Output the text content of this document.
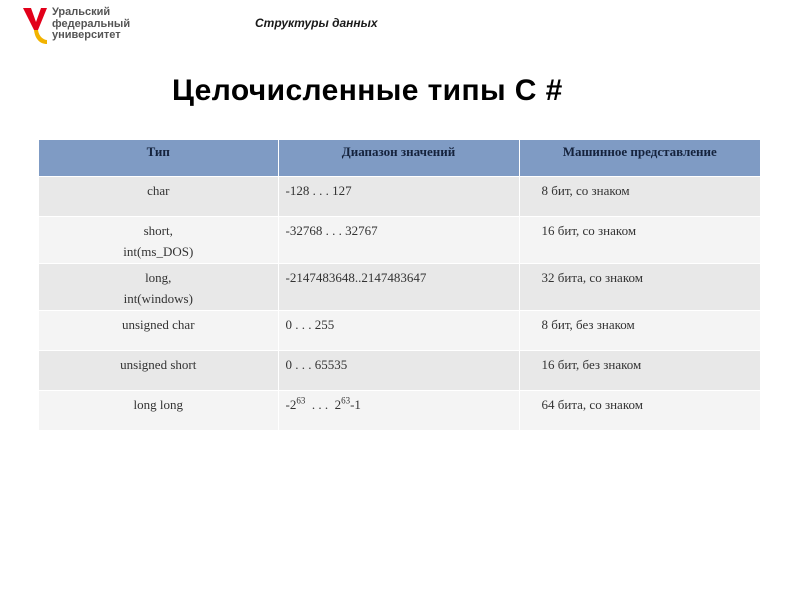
Уральский
федеральный
университет
Структуры данных
Целочисленные типы C #
Тип	Диапазон значений	Машинное представление

char	-128 . . . 127	8 бит, со знаком

short,
int(ms_DOS)	-32768 . . . 32767	16 бит, со знаком

long,
int(windows)	-2147483648..2147483647	32 бита, со знаком

unsigned char	0 . . . 255	8 бит, без знаком

unsigned short	0 . . . 65535	16 бит, без знаком

long long	$-2^{63}$  . . .  $2^{63}-1$	64 бита, со знаком
